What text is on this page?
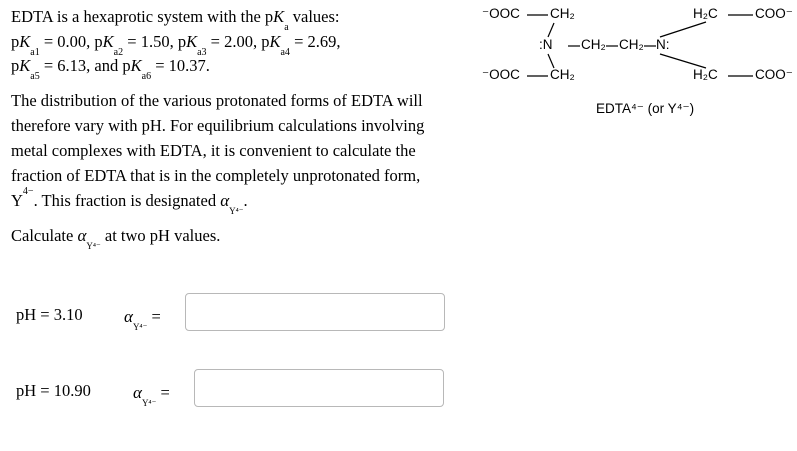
EDTA is a hexaprotic system with the $pK_a$ values:
$pK_{a1} = 0.00$, $pK_{a2} = 1.50$, $pK_{a3} = 2.00$, $pK_{a4} = 2.69$,
$pK_{a5} = 6.13$, and $pK_{a6} = 10.37$.
The distribution of the various protonated forms of EDTA will therefore vary with pH. For equilibrium calculations involving metal complexes with EDTA, it is convenient to calculate the fraction of EDTA that is in the completely unprotonated form, $Y^{4-}$. This fraction is designated $\alpha_{Y^{4-}}$.
Calculate $\alpha_{Y^{4-}}$ at two pH values.
pH = 3.10 $\alpha_{Y^{4-}}$ =
pH = 10.90 $\alpha_{Y^{4-}}$ =
⁻OOC CH₂
⁻OOC CH₂
:N CH₂ CH₂ N:
H₂C	COO⁻
H₂C	COO⁻
EDTA⁴⁻ (or Y⁴⁻)
